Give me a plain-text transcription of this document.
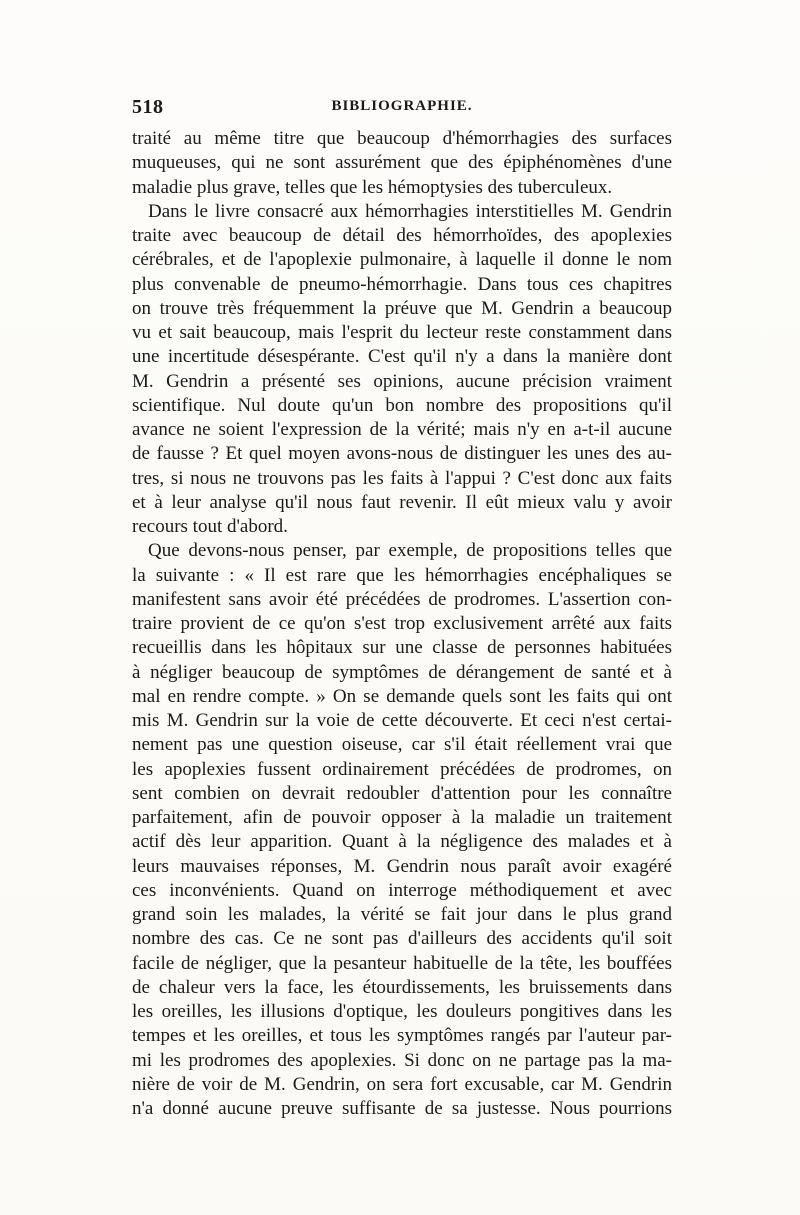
518	BIBLIOGRAPHIE.
traité au même titre que beaucoup d'hémorrhagies des surfaces
muqueuses, qui ne sont assurément que des épiphénomènes d'une
maladie plus grave, telles que les hémoptysies des tuberculeux.
Dans le livre consacré aux hémorrhagies interstitielles M. Gendrin
traite avec beaucoup de détail des hémorrhoïdes, des apoplexies
cérébrales, et de l'apoplexie pulmonaire, à laquelle il donne le nom
plus convenable de pneumo-hémorrhagie. Dans tous ces chapitres
on trouve très fréquemment la préuve que M. Gendrin a beaucoup
vu et sait beaucoup, mais l'esprit du lecteur reste constamment dans
une incertitude désespérante. C'est qu'il n'y a dans la manière dont
M. Gendrin a présenté ses opinions, aucune précision vraiment
scientifique. Nul doute qu'un bon nombre des propositions qu'il
avance ne soient l'expression de la vérité; mais n'y en a-t-il aucune
de fausse ? Et quel moyen avons-nous de distinguer les unes des au-
tres, si nous ne trouvons pas les faits à l'appui ? C'est donc aux faits
et à leur analyse qu'il nous faut revenir. Il eût mieux valu y avoir
recours tout d'abord.
Que devons-nous penser, par exemple, de propositions telles que
la suivante : « Il est rare que les hémorrhagies encéphaliques se
manifestent sans avoir été précédées de prodromes. L'assertion con-
traire provient de ce qu'on s'est trop exclusivement arrêté aux faits
recueillis dans les hôpitaux sur une classe de personnes habituées
à négliger beaucoup de symptômes de dérangement de santé et à
mal en rendre compte. » On se demande quels sont les faits qui ont
mis M. Gendrin sur la voie de cette découverte. Et ceci n'est certai-
nement pas une question oiseuse, car s'il était réellement vrai que
les apoplexies fussent ordinairement précédées de prodromes, on
sent combien on devrait redoubler d'attention pour les connaître
parfaitement, afin de pouvoir opposer à la maladie un traitement
actif dès leur apparition. Quant à la négligence des malades et à
leurs mauvaises réponses, M. Gendrin nous paraît avoir exagéré
ces inconvénients. Quand on interroge méthodiquement et avec
grand soin les malades, la vérité se fait jour dans le plus grand
nombre des cas. Ce ne sont pas d'ailleurs des accidents qu'il soit
facile de négliger, que la pesanteur habituelle de la tête, les bouffées
de chaleur vers la face, les étourdissements, les bruissements dans
les oreilles, les illusions d'optique, les douleurs pongitives dans les
tempes et les oreilles, et tous les symptômes rangés par l'auteur par-
mi les prodromes des apoplexies. Si donc on ne partage pas la ma-
nière de voir de M. Gendrin, on sera fort excusable, car M. Gendrin
n'a donné aucune preuve suffisante de sa justesse. Nous pourrions
